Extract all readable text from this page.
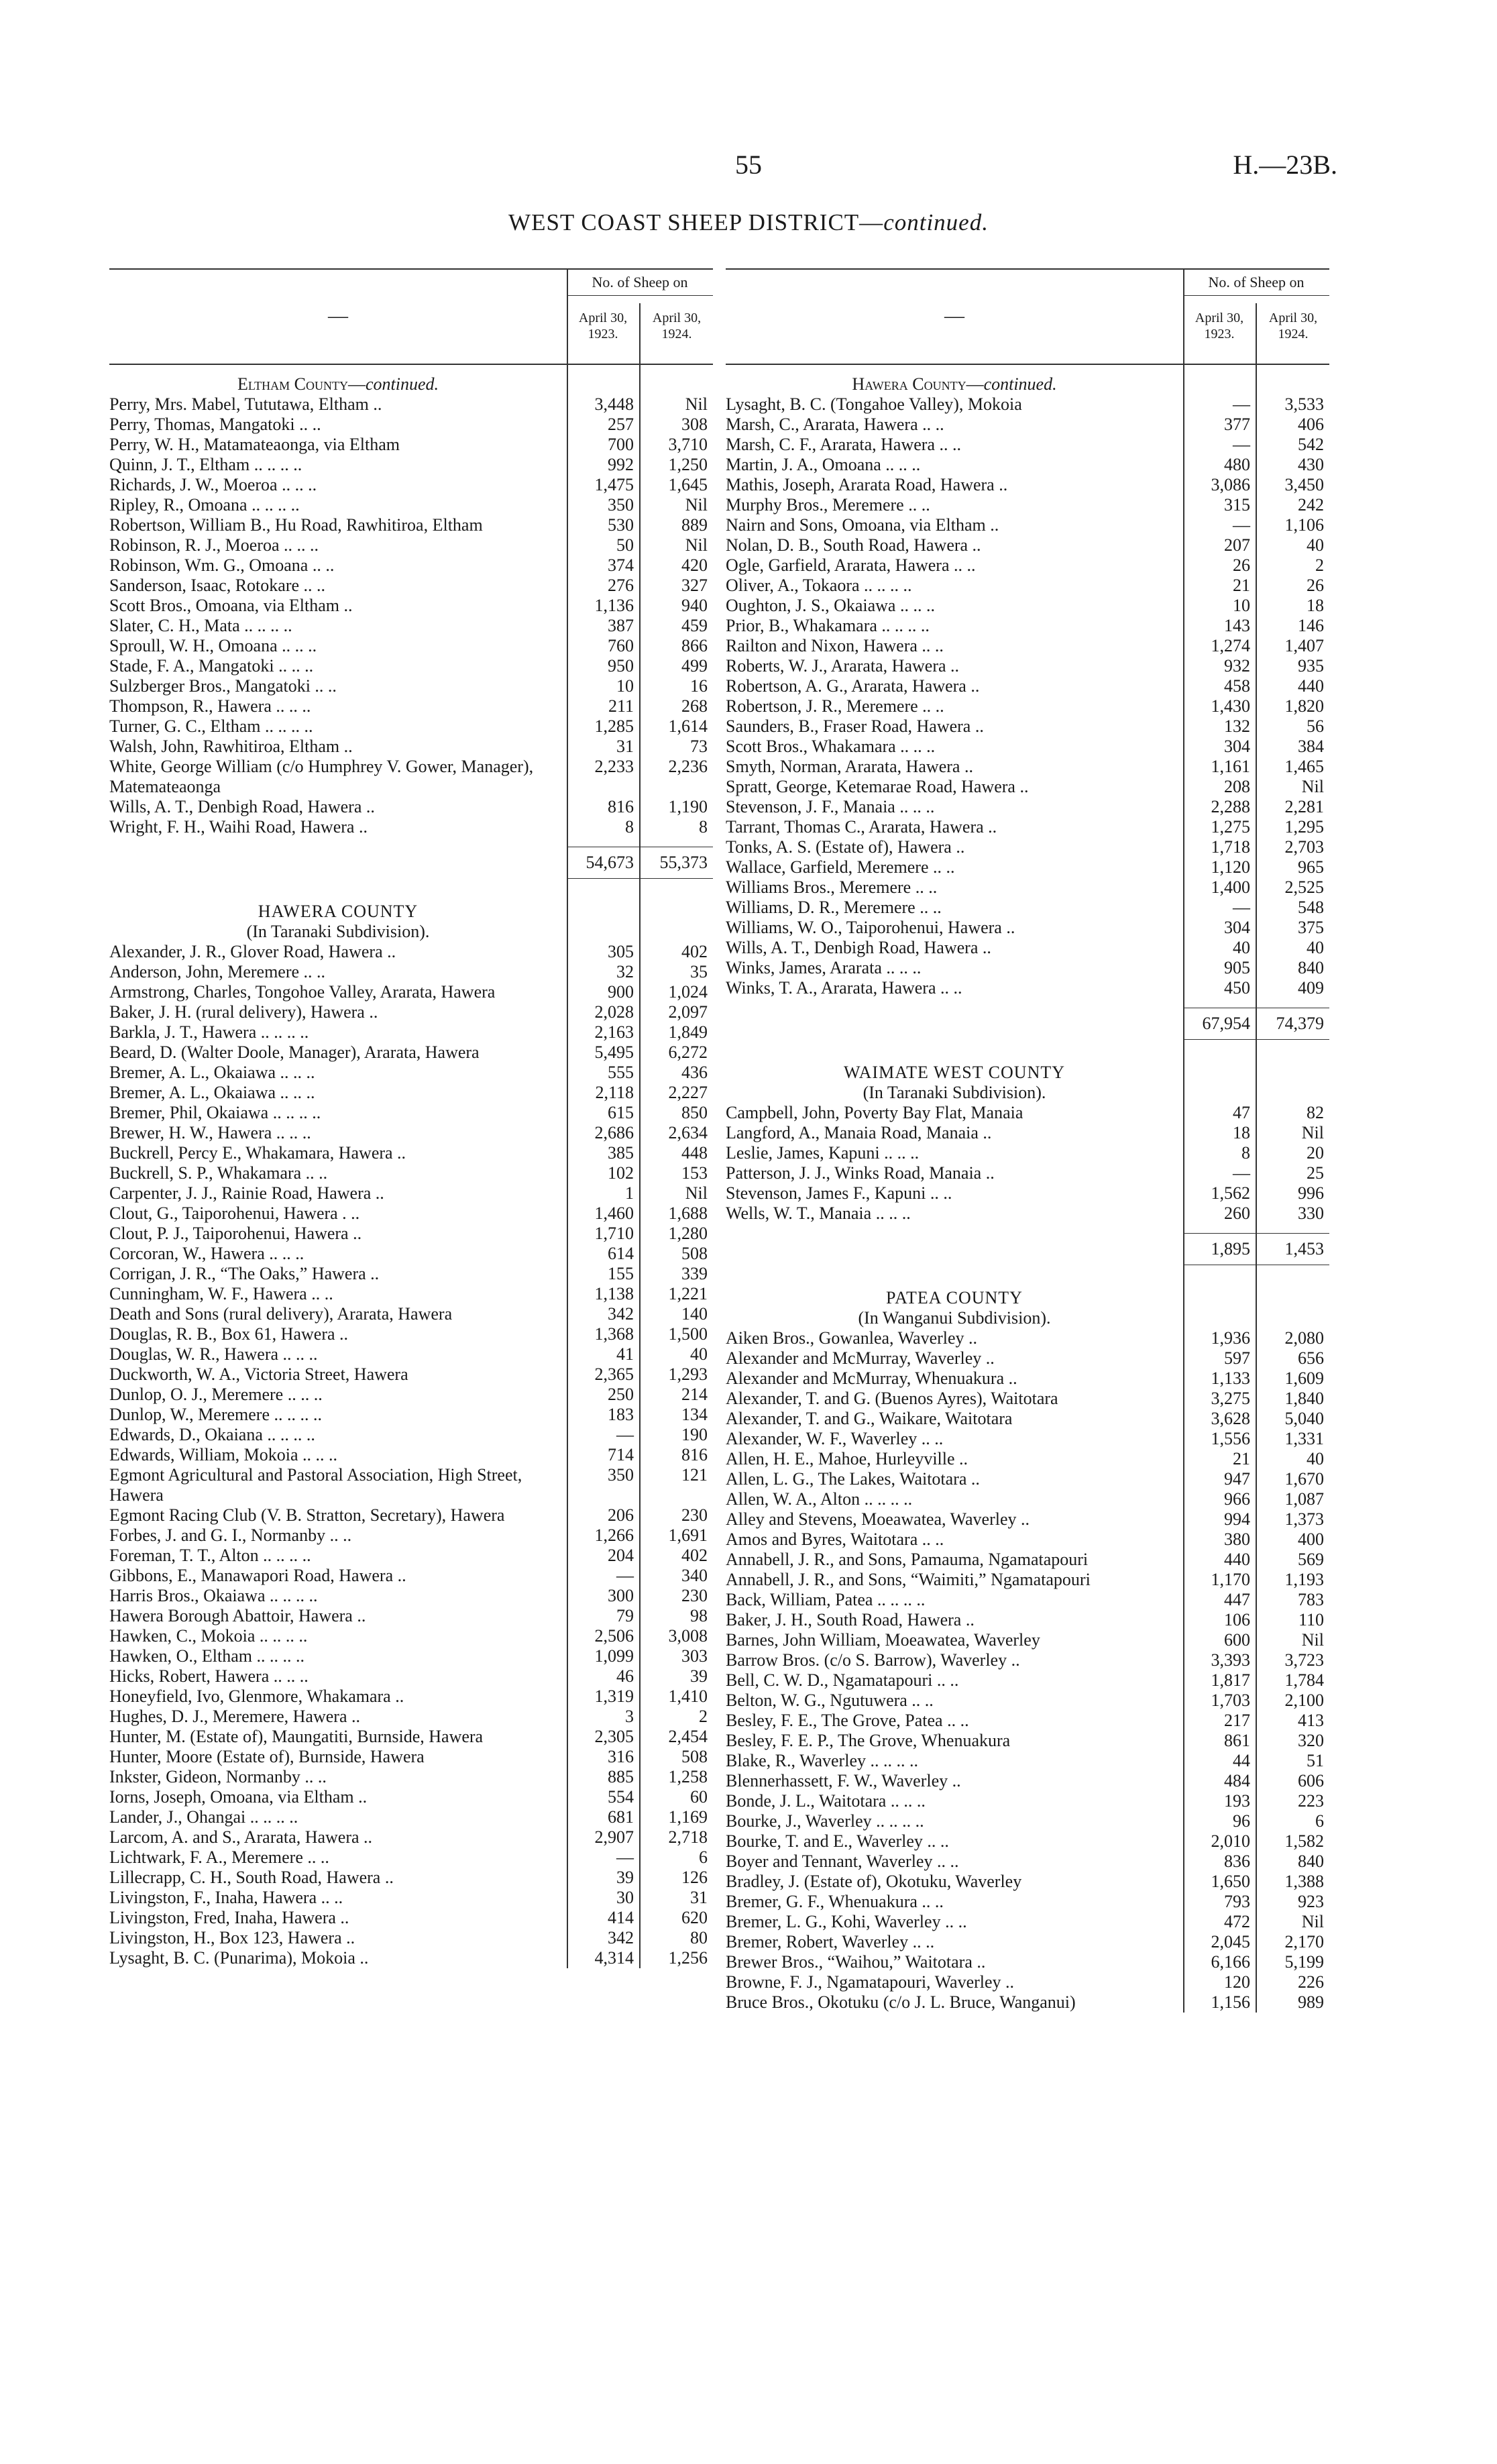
55	H.—23B.
WEST COAST SHEEP DISTRICT—continued.
—
No. of Sheep on
April 30, 1923.
April 30, 1924.
Eltham County—continued.
Perry, Mrs. Mabel, Tututawa, Eltham ..	3,448	Nil
Perry, Thomas, Mangatoki .. ..	257	308
Perry, W. H., Matamateaonga, via Eltham	700	3,710
Quinn, J. T., Eltham .. .. .. ..	992	1,250
Richards, J. W., Moeroa .. .. ..	1,475	1,645
Ripley, R., Omoana .. .. .. ..	350	Nil
Robertson, William B., Hu Road, Rawhitiroa, Eltham	530	889
Robinson, R. J., Moeroa .. .. ..	50	Nil
Robinson, Wm. G., Omoana .. ..	374	420
Sanderson, Isaac, Rotokare .. ..	276	327
Scott Bros., Omoana, via Eltham ..	1,136	940
Slater, C. H., Mata .. .. .. ..	387	459
Sproull, W. H., Omoana .. .. ..	760	866
Stade, F. A., Mangatoki .. .. ..	950	499
Sulzberger Bros., Mangatoki .. ..	10	16
Thompson, R., Hawera .. .. ..	211	268
Turner, G. C., Eltham .. .. .. ..	1,285	1,614
Walsh, John, Rawhitiroa, Eltham ..	31	73
White, George William (c/o Humphrey V. Gower, Manager), Matemateaonga
2,233	2,236
Wills, A. T., Denbigh Road, Hawera ..	816	1,190
Wright, F. H., Waihi Road, Hawera ..	8	8
54,673	55,373
HAWERA COUNTY
(In Taranaki Subdivision).
Alexander, J. R., Glover Road, Hawera ..	305	402
Anderson, John, Meremere .. ..	32	35
Armstrong, Charles, Tongohoe Valley, Ararata, Hawera	900	1,024
Baker, J. H. (rural delivery), Hawera ..	2,028	2,097
Barkla, J. T., Hawera .. .. .. ..	2,163	1,849
Beard, D. (Walter Doole, Manager), Ararata, Hawera	5,495	6,272
Bremer, A. L., Okaiawa .. .. ..	555	436
Bremer, A. L., Okaiawa .. .. ..	2,118	2,227
Bremer, Phil, Okaiawa .. .. .. ..	615	850
Brewer, H. W., Hawera .. .. ..	2,686	2,634
Buckrell, Percy E., Whakamara, Hawera ..	385	448
Buckrell, S. P., Whakamara .. ..	102	153
Carpenter, J. J., Rainie Road, Hawera ..	1	Nil
Clout, G., Taiporohenui, Hawera . ..	1,460	1,688
Clout, P. J., Taiporohenui, Hawera ..	1,710	1,280
Corcoran, W., Hawera .. .. ..	614	508
Corrigan, J. R., “The Oaks,” Hawera ..	155	339
Cunningham, W. F., Hawera .. ..	1,138	1,221
Death and Sons (rural delivery), Ararata, Hawera	342	140
Douglas, R. B., Box 61, Hawera ..	1,368	1,500
Douglas, W. R., Hawera .. .. ..	41	40
Duckworth, W. A., Victoria Street, Hawera	2,365	1,293
Dunlop, O. J., Meremere .. .. ..	250	214
Dunlop, W., Meremere .. .. .. ..	183	134
Edwards, D., Okaiana .. .. .. ..	—	190
Edwards, William, Mokoia .. .. ..	714	816
Egmont Agricultural and Pastoral Association, High Street, Hawera
350	121
Egmont Racing Club (V. B. Stratton, Secretary), Hawera	206	230
Forbes, J. and G. I., Normanby .. ..	1,266	1,691
Foreman, T. T., Alton .. .. .. ..	204	402
Gibbons, E., Manawapori Road, Hawera ..	—	340
Harris Bros., Okaiawa .. .. .. ..	300	230
Hawera Borough Abattoir, Hawera ..	79	98
Hawken, C., Mokoia .. .. .. ..	2,506	3,008
Hawken, O., Eltham .. .. .. ..	1,099	303
Hicks, Robert, Hawera .. .. ..	46	39
Honeyfield, Ivo, Glenmore, Whakamara ..	1,319	1,410
Hughes, D. J., Meremere, Hawera ..	3	2
Hunter, M. (Estate of), Maungatiti, Burnside, Hawera	2,305	2,454
Hunter, Moore (Estate of), Burnside, Hawera	316	508
Inkster, Gideon, Normanby .. ..	885	1,258
Iorns, Joseph, Omoana, via Eltham ..	554	60
Lander, J., Ohangai .. .. .. ..	681	1,169
Larcom, A. and S., Ararata, Hawera ..	2,907	2,718
Lichtwark, F. A., Meremere .. ..	—	6
Lillecrapp, C. H., South Road, Hawera ..	39	126
Livingston, F., Inaha, Hawera .. ..	30	31
Livingston, Fred, Inaha, Hawera ..	414	620
Livingston, H., Box 123, Hawera ..	342	80
Lysaght, B. C. (Punarima), Mokoia ..	4,314	1,256
—
No. of Sheep on
April 30, 1923.
April 30, 1924.
Hawera County—continued.
Lysaght, B. C. (Tongahoe Valley), Mokoia	—	3,533
Marsh, C., Ararata, Hawera .. ..	377	406
Marsh, C. F., Ararata, Hawera .. ..	—	542
Martin, J. A., Omoana .. .. ..	480	430
Mathis, Joseph, Ararata Road, Hawera ..	3,086	3,450
Murphy Bros., Meremere .. ..	315	242
Nairn and Sons, Omoana, via Eltham ..	—	1,106
Nolan, D. B., South Road, Hawera ..	207	40
Ogle, Garfield, Ararata, Hawera .. ..	26	2
Oliver, A., Tokaora .. .. .. ..	21	26
Oughton, J. S., Okaiawa .. .. ..	10	18
Prior, B., Whakamara .. .. .. ..	143	146
Railton and Nixon, Hawera .. ..	1,274	1,407
Roberts, W. J., Ararata, Hawera ..	932	935
Robertson, A. G., Ararata, Hawera ..	458	440
Robertson, J. R., Meremere .. ..	1,430	1,820
Saunders, B., Fraser Road, Hawera ..	132	56
Scott Bros., Whakamara .. .. ..	304	384
Smyth, Norman, Ararata, Hawera ..	1,161	1,465
Spratt, George, Ketemarae Road, Hawera ..	208	Nil
Stevenson, J. F., Manaia .. .. ..	2,288	2,281
Tarrant, Thomas C., Ararata, Hawera ..	1,275	1,295
Tonks, A. S. (Estate of), Hawera ..	1,718	2,703
Wallace, Garfield, Meremere .. ..	1,120	965
Williams Bros., Meremere .. ..	1,400	2,525
Williams, D. R., Meremere .. ..	—	548
Williams, W. O., Taiporohenui, Hawera ..	304	375
Wills, A. T., Denbigh Road, Hawera ..	40	40
Winks, James, Ararata .. .. ..	905	840
Winks, T. A., Ararata, Hawera .. ..	450	409
67,954	74,379
WAIMATE WEST COUNTY
(In Taranaki Subdivision).
Campbell, John, Poverty Bay Flat, Manaia	47	82
Langford, A., Manaia Road, Manaia ..	18	Nil
Leslie, James, Kapuni .. .. ..	8	20
Patterson, J. J., Winks Road, Manaia ..	—	25
Stevenson, James F., Kapuni .. ..	1,562	996
Wells, W. T., Manaia .. .. ..	260	330
1,895	1,453
PATEA COUNTY
(In Wanganui Subdivision).
Aiken Bros., Gowanlea, Waverley ..	1,936	2,080
Alexander and McMurray, Waverley ..	597	656
Alexander and McMurray, Whenuakura ..	1,133	1,609
Alexander, T. and G. (Buenos Ayres), Waitotara	3,275	1,840
Alexander, T. and G., Waikare, Waitotara	3,628	5,040
Alexander, W. F., Waverley .. ..	1,556	1,331
Allen, H. E., Mahoe, Hurleyville ..	21	40
Allen, L. G., The Lakes, Waitotara ..	947	1,670
Allen, W. A., Alton .. .. .. ..	966	1,087
Alley and Stevens, Moeawatea, Waverley ..	994	1,373
Amos and Byres, Waitotara .. ..	380	400
Annabell, J. R., and Sons, Pamauma, Ngamatapouri	440	569
Annabell, J. R., and Sons, “Waimiti,” Ngamatapouri	1,170	1,193
Back, William, Patea .. .. .. ..	447	783
Baker, J. H., South Road, Hawera ..	106	110
Barnes, John William, Moeawatea, Waverley	600	Nil
Barrow Bros. (c/o S. Barrow), Waverley ..	3,393	3,723
Bell, C. W. D., Ngamatapouri .. ..	1,817	1,784
Belton, W. G., Ngutuwera .. ..	1,703	2,100
Besley, F. E., The Grove, Patea .. ..	217	413
Besley, F. E. P., The Grove, Whenuakura	861	320
Blake, R., Waverley .. .. .. ..	44	51
Blennerhassett, F. W., Waverley ..	484	606
Bonde, J. L., Waitotara .. .. ..	193	223
Bourke, J., Waverley .. .. .. ..	96	6
Bourke, T. and E., Waverley .. ..	2,010	1,582
Boyer and Tennant, Waverley .. ..	836	840
Bradley, J. (Estate of), Okotuku, Waverley	1,650	1,388
Bremer, G. F., Whenuakura .. ..	793	923
Bremer, L. G., Kohi, Waverley .. ..	472	Nil
Bremer, Robert, Waverley .. ..	2,045	2,170
Brewer Bros., “Waihou,” Waitotara ..	6,166	5,199
Browne, F. J., Ngamatapouri, Waverley ..	120	226
Bruce Bros., Okotuku (c/o J. L. Bruce, Wanganui)	1,156	989
